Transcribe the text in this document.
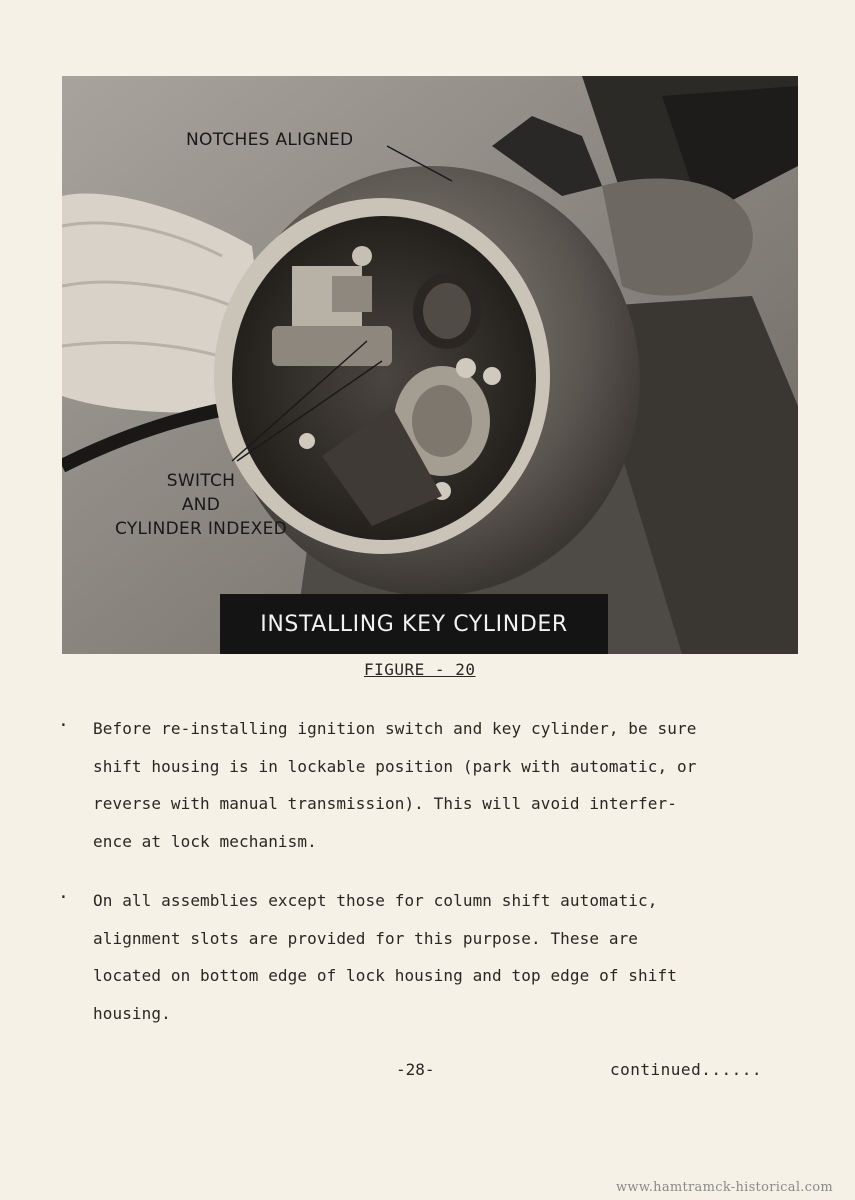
NOTCHES ALIGNED
SWITCH
AND
CYLINDER INDEXED
INSTALLING KEY CYLINDER
FIGURE - 20
. Before re-installing ignition switch and key cylinder, be sure
shift housing is in lockable position (park with automatic, or
reverse with manual transmission). This will avoid interfer-
ence at lock mechanism.
. On all assemblies except those for column shift automatic,
alignment slots are provided for this purpose. These are
located on bottom edge of lock housing and top edge of shift
housing.
-28-	continued......
www.hamtramck-historical.com
